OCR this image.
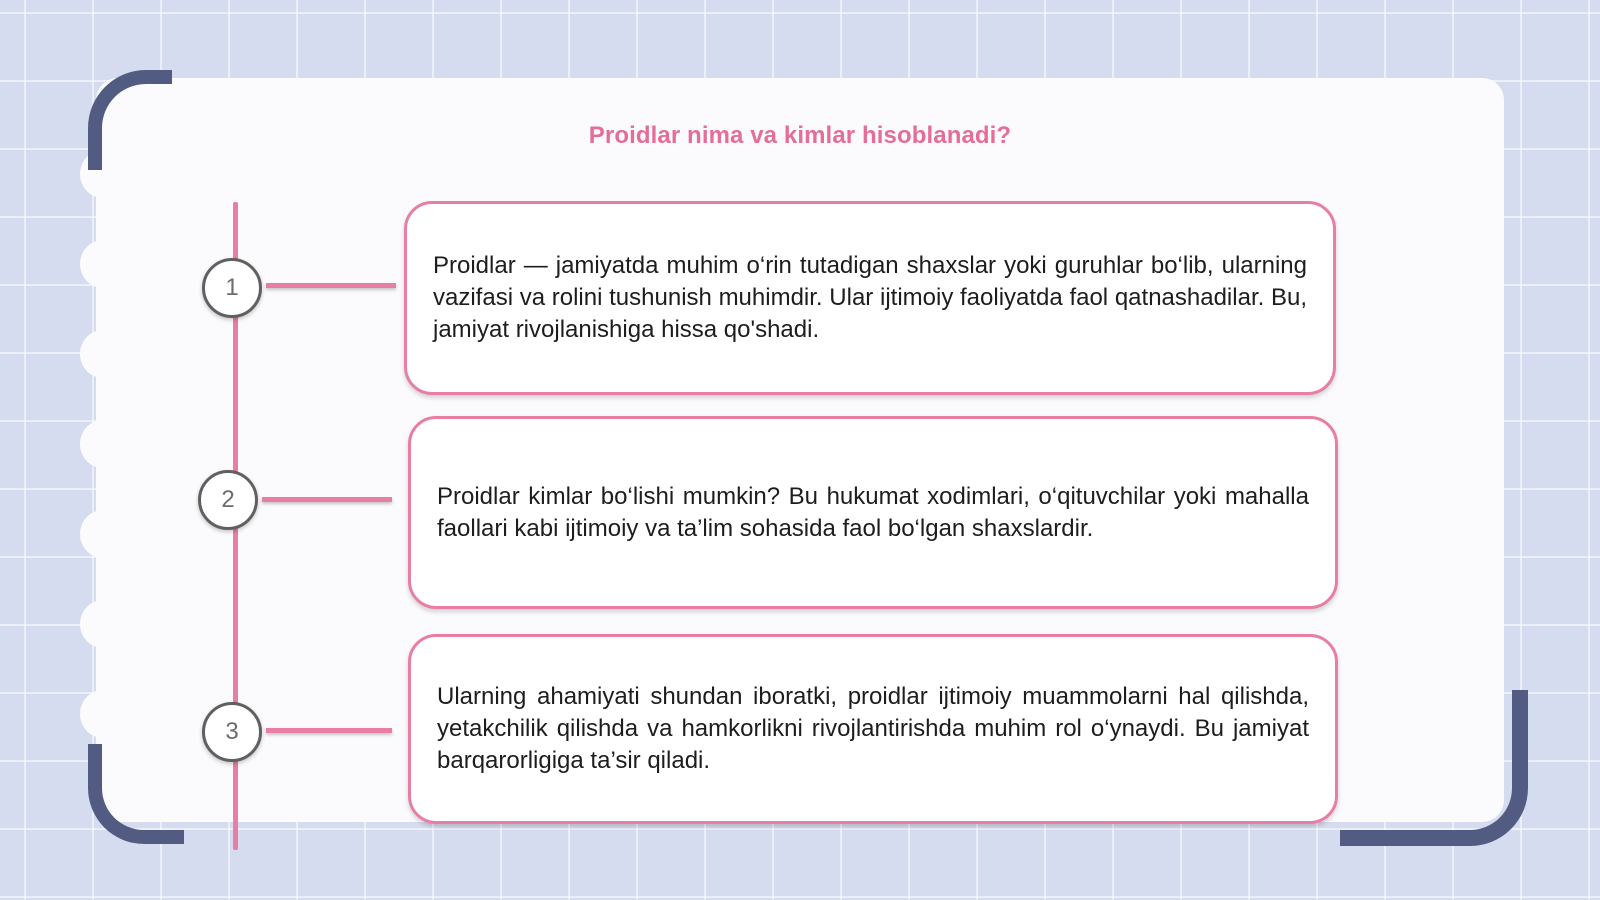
Proidlar nima va kimlar hisoblanadi?
1
2
3
Proidlar — jamiyatda muhim o‘rin tutadigan shaxslar yoki guruhlar bo‘lib, ularning vazifasi va rolini tushunish muhimdir. Ular ijtimoiy faoliyatda faol qatnashadilar. Bu, jamiyat rivojlanishiga hissa qo'shadi.
Proidlar kimlar bo‘lishi mumkin? Bu hukumat xodimlari, o‘qituvchilar yoki mahalla faollari kabi ijtimoiy va ta’lim sohasida faol bo‘lgan shaxslardir.
Ularning ahamiyati shundan iboratki, proidlar ijtimoiy muammolarni hal qilishda, yetakchilik qilishda va hamkorlikni rivojlantirishda muhim rol o‘ynaydi. Bu jamiyat barqarorligiga ta’sir qiladi.
